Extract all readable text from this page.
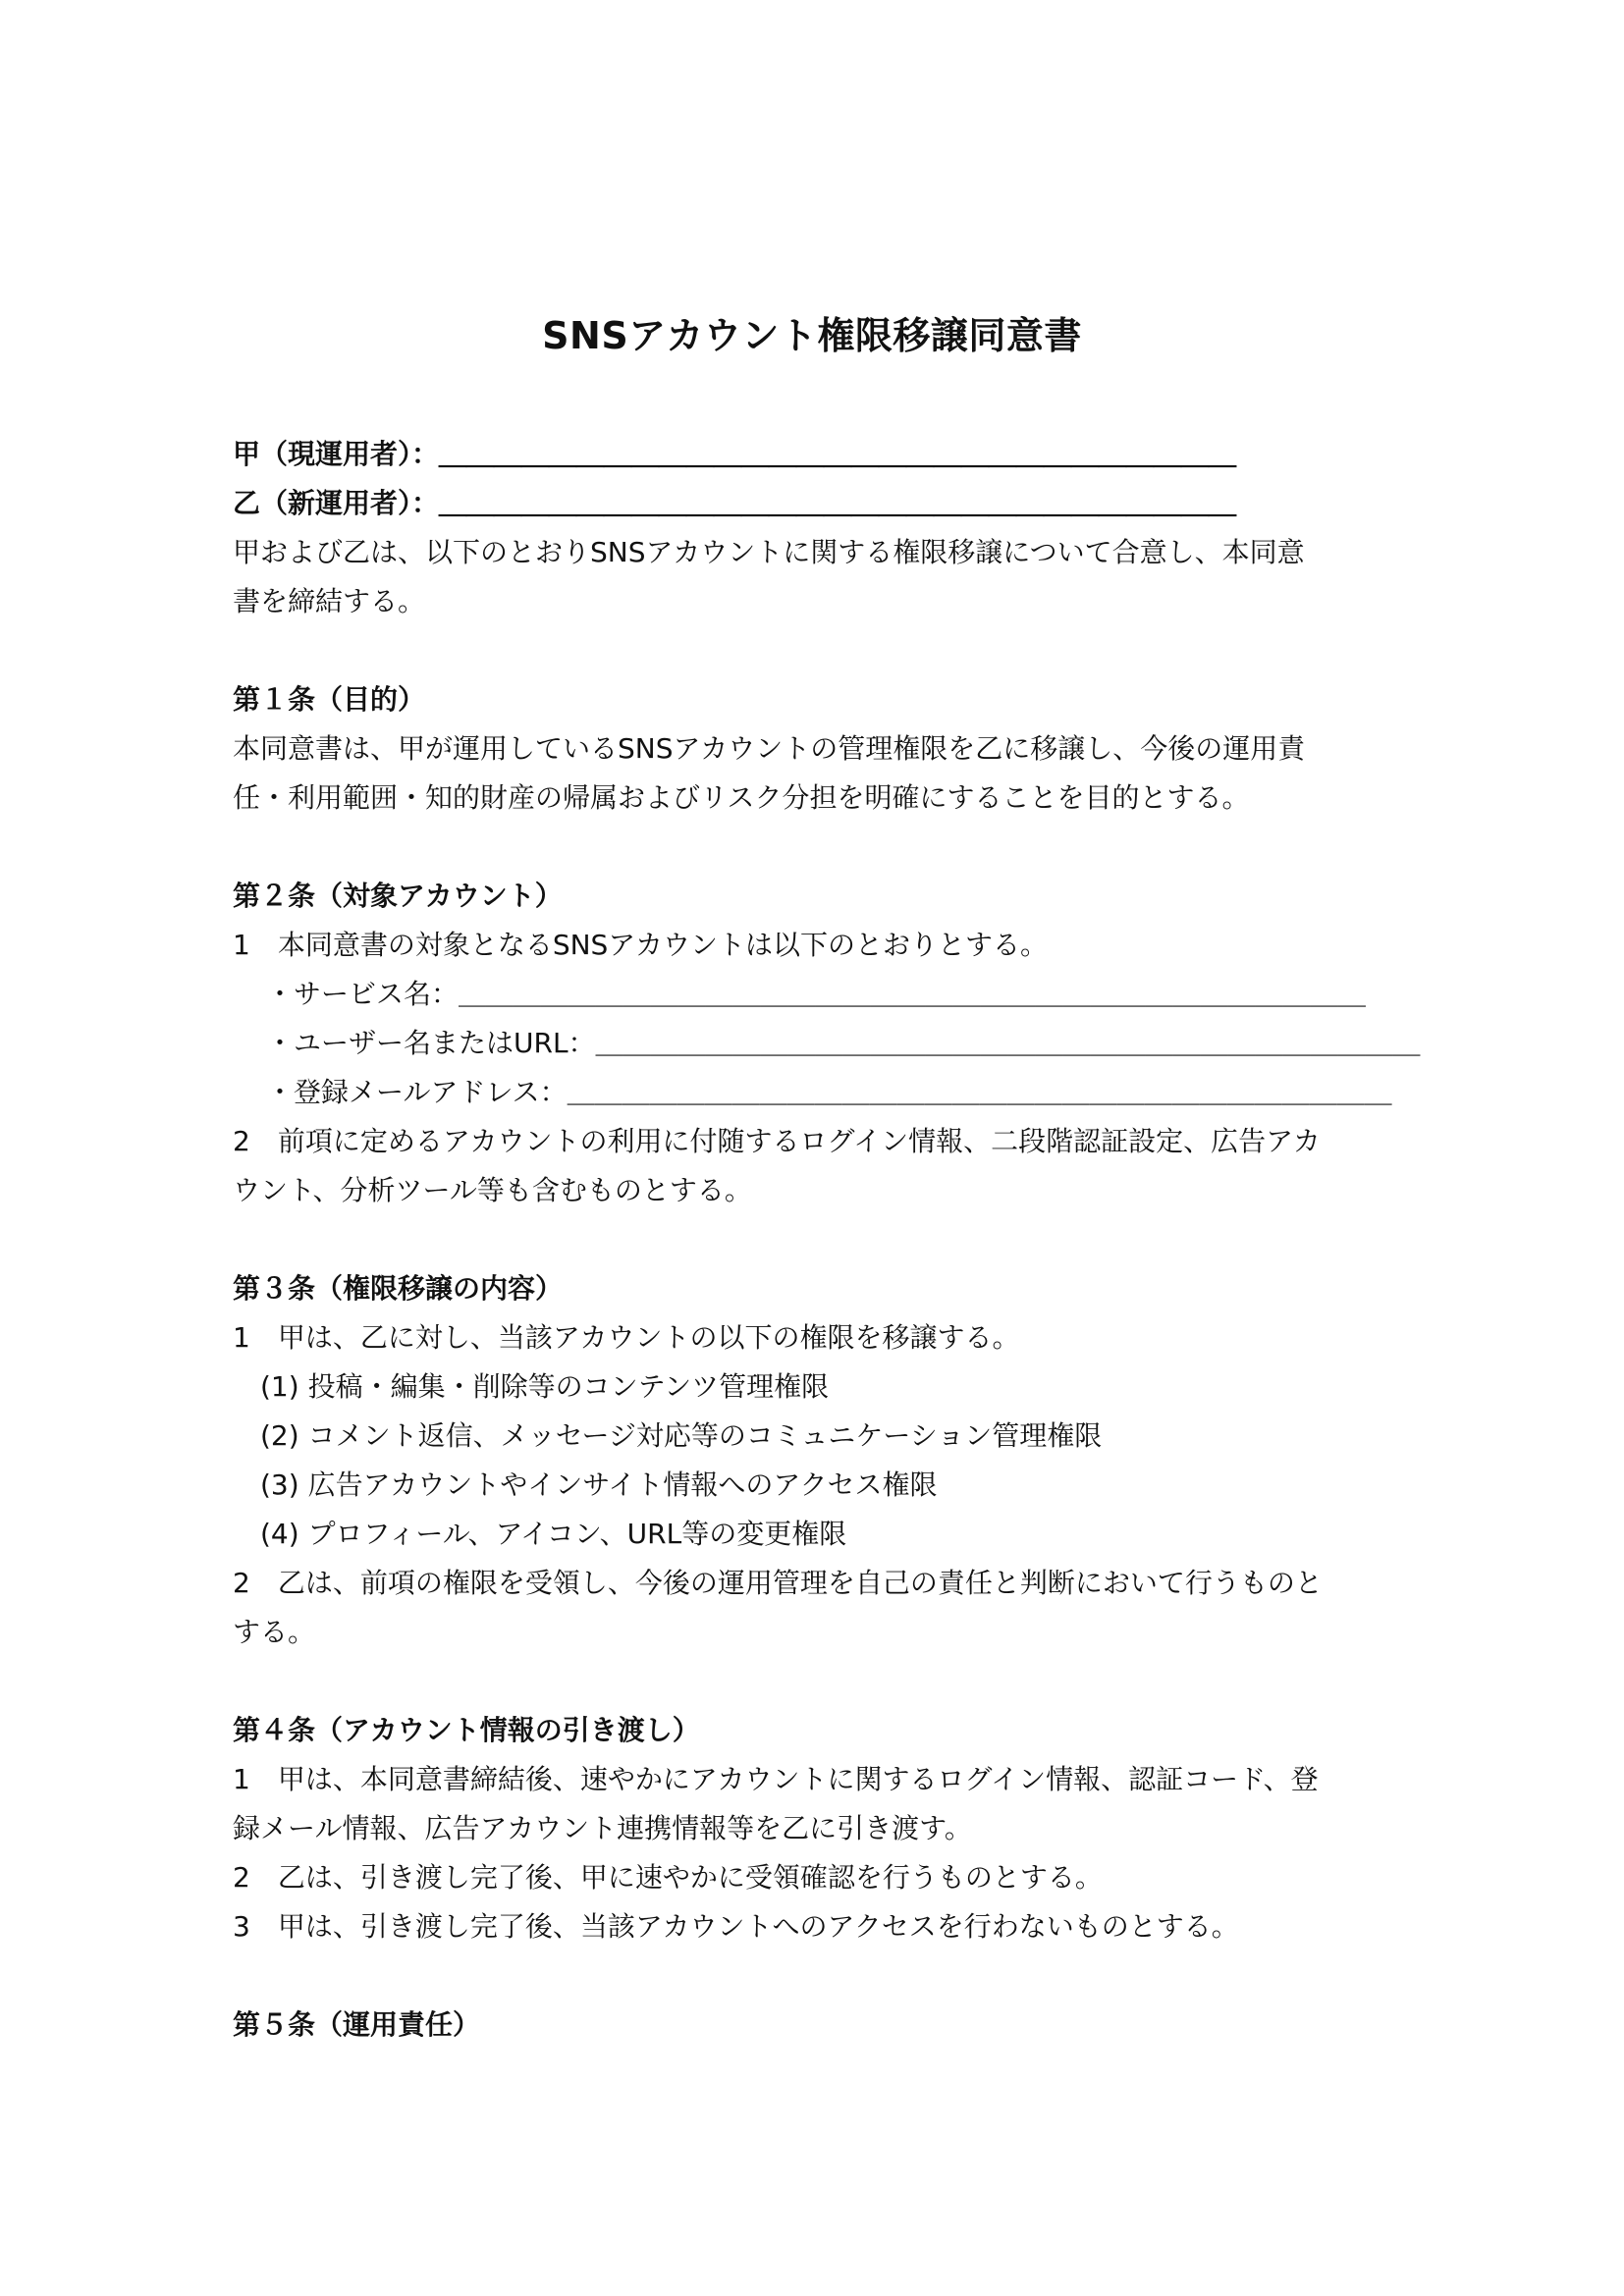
SNSアカウント権限移譲同意書
甲（現運用者）：＿＿＿＿＿＿＿＿＿＿＿＿＿＿＿＿＿＿＿＿＿＿＿＿＿＿＿＿＿
乙（新運用者）：＿＿＿＿＿＿＿＿＿＿＿＿＿＿＿＿＿＿＿＿＿＿＿＿＿＿＿＿＿
甲および乙は、以下のとおりSNSアカウントに関する権限移譲について合意し、本同意
書を締結する。
第１条（目的）
本同意書は、甲が運用しているSNSアカウントの管理権限を乙に移譲し、今後の運用責
任・利用範囲・知的財産の帰属およびリスク分担を明確にすることを目的とする。
第２条（対象アカウント）
1　本同意書の対象となるSNSアカウントは以下のとおりとする。
・サービス名：＿＿＿＿＿＿＿＿＿＿＿＿＿＿＿＿＿＿＿＿＿＿＿＿＿＿＿＿＿＿＿＿＿
・ユーザー名またはURL：＿＿＿＿＿＿＿＿＿＿＿＿＿＿＿＿＿＿＿＿＿＿＿＿＿＿＿＿＿＿
・登録メールアドレス：＿＿＿＿＿＿＿＿＿＿＿＿＿＿＿＿＿＿＿＿＿＿＿＿＿＿＿＿＿＿
2　前項に定めるアカウントの利用に付随するログイン情報、二段階認証設定、広告アカ
ウント、分析ツール等も含むものとする。
第３条（権限移譲の内容）
1　甲は、乙に対し、当該アカウントの以下の権限を移譲する。
(1) 投稿・編集・削除等のコンテンツ管理権限
(2) コメント返信、メッセージ対応等のコミュニケーション管理権限
(3) 広告アカウントやインサイト情報へのアクセス権限
(4) プロフィール、アイコン、URL等の変更権限
2　乙は、前項の権限を受領し、今後の運用管理を自己の責任と判断において行うものと
する。
第４条（アカウント情報の引き渡し）
1　甲は、本同意書締結後、速やかにアカウントに関するログイン情報、認証コード、登
録メール情報、広告アカウント連携情報等を乙に引き渡す。
2　乙は、引き渡し完了後、甲に速やかに受領確認を行うものとする。
3　甲は、引き渡し完了後、当該アカウントへのアクセスを行わないものとする。
第５条（運用責任）
